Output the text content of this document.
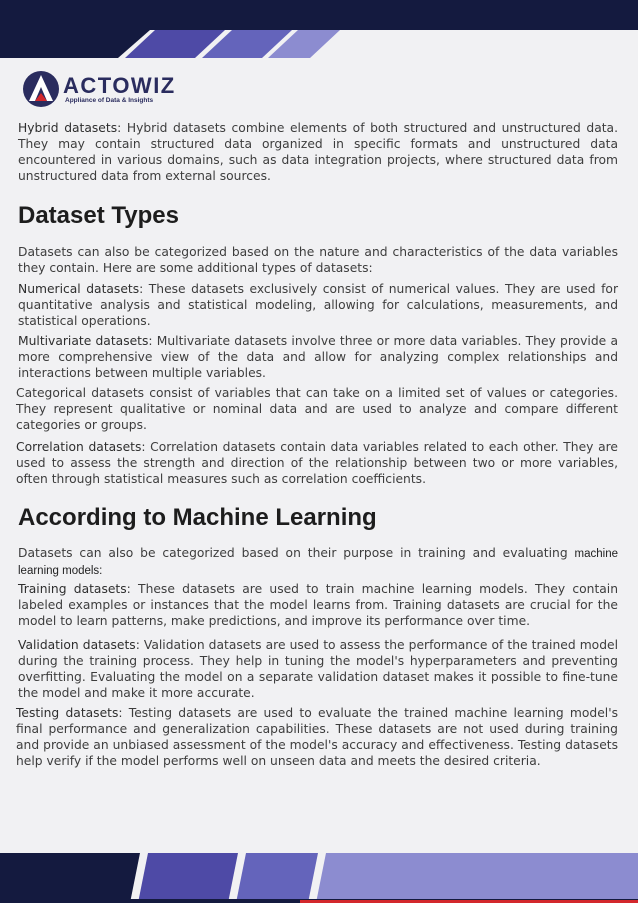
ACTOWIZ
Appliance of Data & Insights

Hybrid datasets: Hybrid datasets combine elements of both structured and unstructured data. They may contain structured data organized in specific formats and unstructured data encountered in various domains, such as data integration projects, where structured data from unstructured data from external sources.

Dataset Types

Datasets can also be categorized based on the nature and characteristics of the data variables they contain. Here are some additional types of datasets:

Numerical datasets: These datasets exclusively consist of numerical values. They are used for quantitative analysis and statistical modeling, allowing for calculations, measurements, and statistical operations.

Multivariate datasets: Multivariate datasets involve three or more data variables. They provide a more comprehensive view of the data and allow for analyzing complex relationships and interactions between multiple variables.

Categorical datasets consist of variables that can take on a limited set of values or categories. They represent qualitative or nominal data and are used to analyze and compare different categories or groups.

Correlation datasets: Correlation datasets contain data variables related to each other. They are used to assess the strength and direction of the relationship between two or more variables, often through statistical measures such as correlation coefficients.

According to Machine Learning

Datasets can also be categorized based on their purpose in training and evaluating machine learning models:

Training datasets: These datasets are used to train machine learning models. They contain labeled examples or instances that the model learns from. Training datasets are crucial for the model to learn patterns, make predictions, and improve its performance over time.

Validation datasets: Validation datasets are used to assess the performance of the trained model during the training process. They help in tuning the model's hyperparameters and preventing overfitting. Evaluating the model on a separate validation dataset makes it possible to fine-tune the model and make it more accurate.

Testing datasets: Testing datasets are used to evaluate the trained machine learning model's final performance and generalization capabilities. These datasets are not used during training and provide an unbiased assessment of the model's accuracy and effectiveness. Testing datasets help verify if the model performs well on unseen data and meets the desired criteria.
